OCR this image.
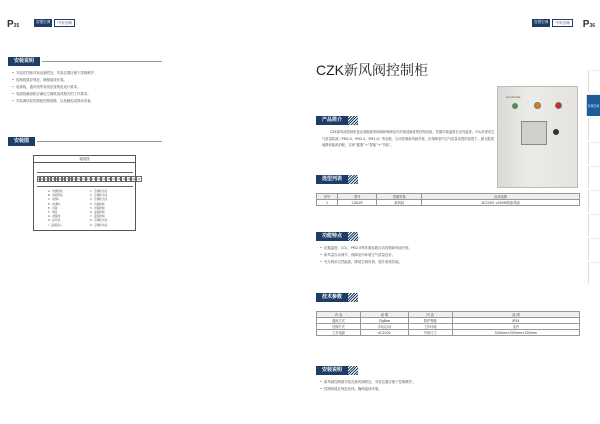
P35
智慧空调	中央空调
安装说明
• 安装在控制对象设备附近，安装位置应便于控制维护。
• 控制线缆应规范，确保接线牢靠。
• 电源线、通讯线等布线应按规范设计要求。
• 电源线截面积应满足空调机组或相关的工作要求。
• 安装调试前控制柜控制电路，以免触电或损坏设备。
安装图
接线图
L N 1 2 3 4 5 6 7 8 9 10 11 12 13 14 15 16 17 18 19 20 21 22
A · 电源进线
B · 电源进线
C · 电源L
D · 电源N
E · 风阀
F · 风阀
G · 控制线
H · 信号线
I · 温度探头
1 · 空调柜出线
2 · 空调柜出线
3 · 空调柜出线
4 · 风阀控制
5 · 风阀控制
6 · 温度控制
7 · 温度控制
8 · 空调柜出线
9 · 空调柜出线
P36
智慧空调	中央空调
CZK新风阀控制柜
Controller
产品简介
CZK新风阀控制柜是由智能新风调阀和保障室内环境清新度的控制设备。依据环境温度在室内温度，CO₂浓度或空气质量检测（PM2.5，PM2.5，PM1.0）等参数，自动控制新风阀开度，在保障室内空气质量前提的前提下，最大限度地降低能源消耗，实现“健康”+“智能”+“节能”。
选型列表
序号	型号	控制对象	应用范围
1	CZK-XF	新风阀	AC220V ≤500W的新风阀
功能特点
• 依据温度、CO₂、PM2.5等环境参数自动控制新风阀开度。
• 新风量自动调节，保障室内环境空气质量良好。
• 充分利用自然能源，降低空调负荷，提升系统效能。
技术参数
内 容	说 明	内 容	说 明
通讯方式	ZigBee	防护等级	IP54
控制方式	手动/自动	工作环境	室内
工作电源	AC220V	外形尺寸	500mm×300mm×200mm
安装说明
• 新风阀控制箱安装在新风阀附近，安装位置应便于控制维护。
• 控制线缆应规范布线，确保接线牢靠。
智慧空调
